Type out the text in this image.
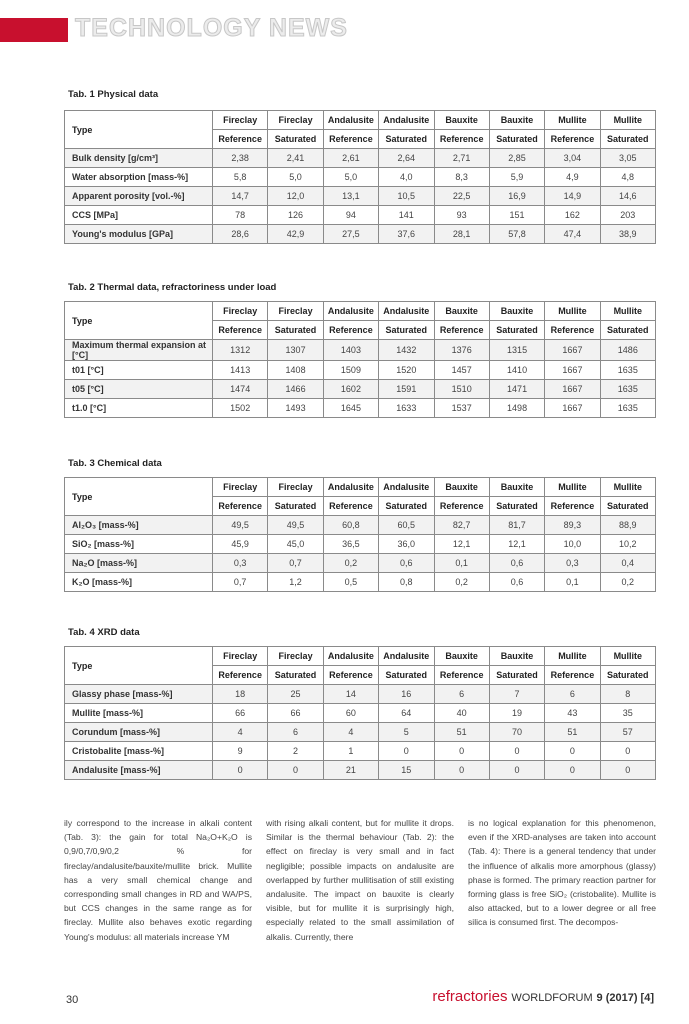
TECHNOLOGY NEWS
Tab. 1 Physical data
Type	Fireclay	Fireclay	Andalusite	Andalusite	Bauxite	Bauxite	Mullite	Mullite
	Reference	Saturated	Reference	Saturated	Reference	Saturated	Reference	Saturated
Bulk density [g/cm³]	2,38	2,41	2,61	2,64	2,71	2,85	3,04	3,05
Water absorption [mass-%]	5,8	5,0	5,0	4,0	8,3	5,9	4,9	4,8
Apparent porosity [vol.-%]	14,7	12,0	13,1	10,5	22,5	16,9	14,9	14,6
CCS [MPa]	78	126	94	141	93	151	162	203
Young's modulus [GPa]	28,6	42,9	27,5	37,6	28,1	57,8	47,4	38,9
Tab. 2 Thermal data, refractoriness under load
Type	Fireclay	Fireclay	Andalusite	Andalusite	Bauxite	Bauxite	Mullite	Mullite
	Reference	Saturated	Reference	Saturated	Reference	Saturated	Reference	Saturated
Maximum thermal expansion at [°C]	1312	1307	1403	1432	1376	1315	1667	1486
t01 [°C]	1413	1408	1509	1520	1457	1410	1667	1635
t05 [°C]	1474	1466	1602	1591	1510	1471	1667	1635
t1.0 [°C]	1502	1493	1645	1633	1537	1498	1667	1635
Tab. 3 Chemical data
Type	Fireclay	Fireclay	Andalusite	Andalusite	Bauxite	Bauxite	Mullite	Mullite
	Reference	Saturated	Reference	Saturated	Reference	Saturated	Reference	Saturated
Al₂O₃ [mass-%]	49,5	49,5	60,8	60,5	82,7	81,7	89,3	88,9
SiO₂ [mass-%]	45,9	45,0	36,5	36,0	12,1	12,1	10,0	10,2
Na₂O [mass-%]	0,3	0,7	0,2	0,6	0,1	0,6	0,3	0,4
K₂O [mass-%]	0,7	1,2	0,5	0,8	0,2	0,6	0,1	0,2
Tab. 4 XRD data
Type	Fireclay	Fireclay	Andalusite	Andalusite	Bauxite	Bauxite	Mullite	Mullite
	Reference	Saturated	Reference	Saturated	Reference	Saturated	Reference	Saturated
Glassy phase [mass-%]	18	25	14	16	6	7	6	8
Mullite [mass-%]	66	66	60	64	40	19	43	35
Corundum [mass-%]	4	6	4	5	51	70	51	57
Cristobalite [mass-%]	9	2	1	0	0	0	0	0
Andalusite [mass-%]	0	0	21	15	0	0	0	0
ily correspond to the increase in alkali content (Tab. 3): the gain for total Na₂O+K₂O is 0,9/0,7/0,9/0,2 % for fireclay/andalusite/bauxite/mullite brick. Mullite has a very small chemical change and corresponding small changes in RD and WA/PS, but CCS changes in the same range as for fireclay. Mullite also behaves exotic regarding Young's modulus: all materials increase YM
with rising alkali content, but for mullite it drops. Similar is the thermal behaviour (Tab. 2): the effect on fireclay is very small and in fact negligible; possible impacts on andalusite are overlapped by further mullitisation of still existing andalusite. The impact on bauxite is clearly visible, but for mullite it is surprisingly high, especially related to the small assimilation of alkalis. Currently, there
is no logical explanation for this phenomenon, even if the XRD-analyses are taken into account (Tab. 4): There is a general tendency that under the influence of alkalis more amorphous (glassy) phase is formed. The primary reaction partner for forming glass is free SiO₂ (cristobalite). Mullite is also attacked, but to a lower degree or all free silica is consumed first. The decompos-
30	refractories WORLDFORUM 9 (2017) [4]
